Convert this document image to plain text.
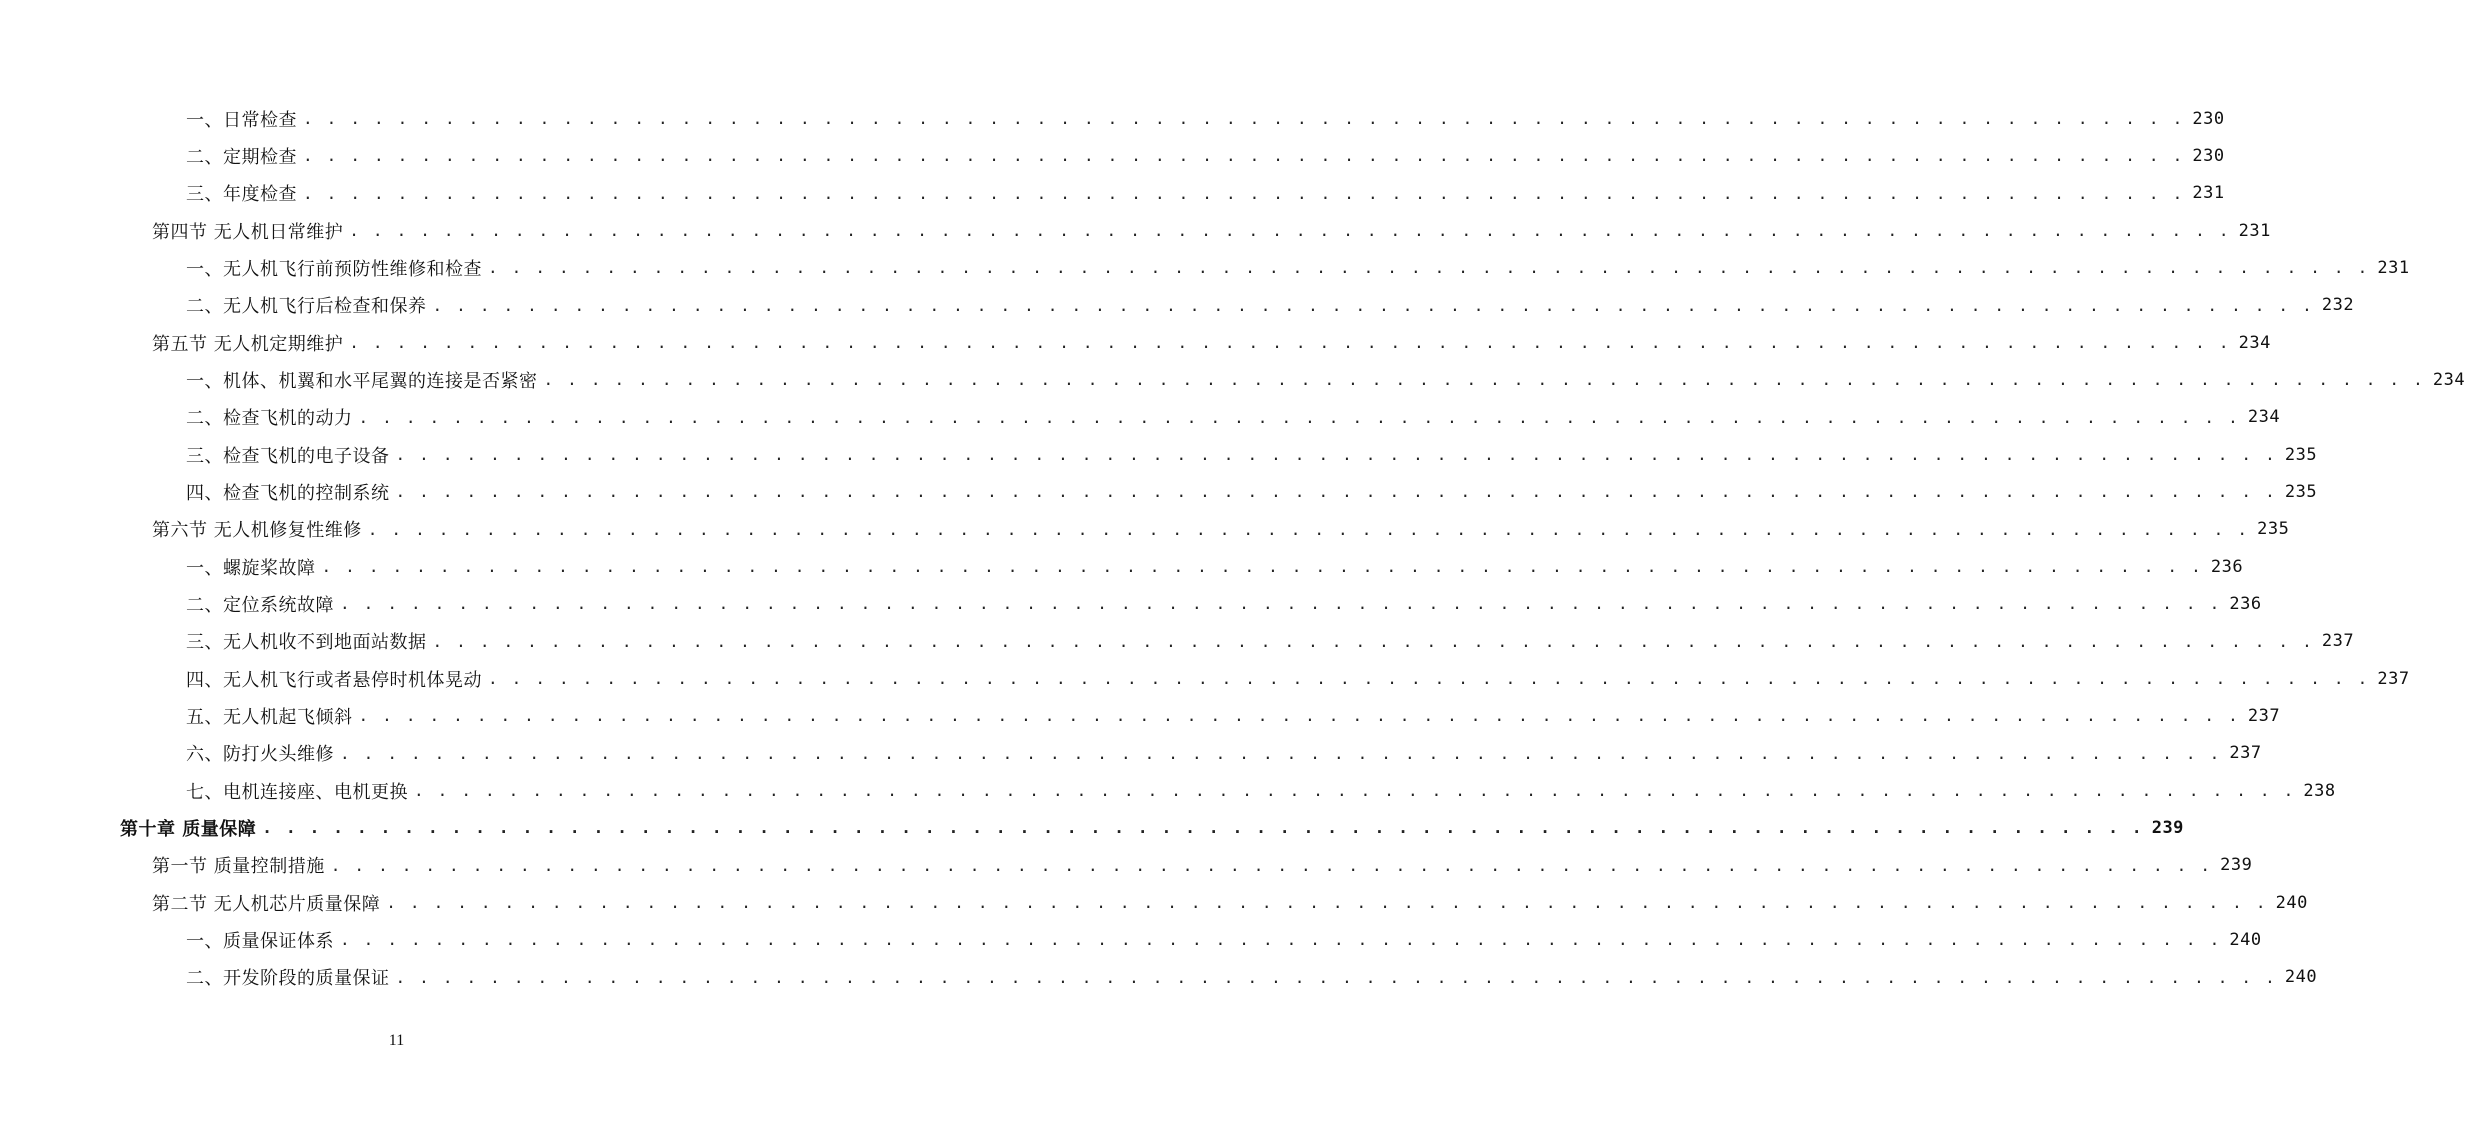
一、日常检查 . . . . . . . . . . . . . . . . . . . . . . . . . . . . . . . . . . . . . . . . . . . . . . . . . . . . . . . . . . . . . . . . . . . . . . . . . . . . . . . . 230
二、定期检查 . . . . . . . . . . . . . . . . . . . . . . . . . . . . . . . . . . . . . . . . . . . . . . . . . . . . . . . . . . . . . . . . . . . . . . . . . . . . . . . . 230
三、年度检查 . . . . . . . . . . . . . . . . . . . . . . . . . . . . . . . . . . . . . . . . . . . . . . . . . . . . . . . . . . . . . . . . . . . . . . . . . . . . . . . . 231
第四节 无人机日常维护 . . . . . . . . . . . . . . . . . . . . . . . . . . . . . . . . . . . . . . . . . . . . . . . . . . . . . . . . . . . . . . . . . . . . . . . . . . . . . . . . 231
一、无人机飞行前预防性维修和检查 . . . . . . . . . . . . . . . . . . . . . . . . . . . . . . . . . . . . . . . . . . . . . . . . . . . . . . . . . . . . . . . . . . . . . . . . . . . . . . . . 231
二、无人机飞行后检查和保养 . . . . . . . . . . . . . . . . . . . . . . . . . . . . . . . . . . . . . . . . . . . . . . . . . . . . . . . . . . . . . . . . . . . . . . . . . . . . . . . . 232
第五节 无人机定期维护 . . . . . . . . . . . . . . . . . . . . . . . . . . . . . . . . . . . . . . . . . . . . . . . . . . . . . . . . . . . . . . . . . . . . . . . . . . . . . . . . 234
一、机体、机翼和水平尾翼的连接是否紧密 . . . . . . . . . . . . . . . . . . . . . . . . . . . . . . . . . . . . . . . . . . . . . . . . . . . . . . . . . . . . . . . . . . . . . . . . . . . . . . . . 234
二、检查飞机的动力 . . . . . . . . . . . . . . . . . . . . . . . . . . . . . . . . . . . . . . . . . . . . . . . . . . . . . . . . . . . . . . . . . . . . . . . . . . . . . . . . 234
三、检查飞机的电子设备 . . . . . . . . . . . . . . . . . . . . . . . . . . . . . . . . . . . . . . . . . . . . . . . . . . . . . . . . . . . . . . . . . . . . . . . . . . . . . . . . 235
四、检查飞机的控制系统 . . . . . . . . . . . . . . . . . . . . . . . . . . . . . . . . . . . . . . . . . . . . . . . . . . . . . . . . . . . . . . . . . . . . . . . . . . . . . . . . 235
第六节 无人机修复性维修 . . . . . . . . . . . . . . . . . . . . . . . . . . . . . . . . . . . . . . . . . . . . . . . . . . . . . . . . . . . . . . . . . . . . . . . . . . . . . . . . 235
一、螺旋桨故障 . . . . . . . . . . . . . . . . . . . . . . . . . . . . . . . . . . . . . . . . . . . . . . . . . . . . . . . . . . . . . . . . . . . . . . . . . . . . . . . . 236
二、定位系统故障 . . . . . . . . . . . . . . . . . . . . . . . . . . . . . . . . . . . . . . . . . . . . . . . . . . . . . . . . . . . . . . . . . . . . . . . . . . . . . . . . 236
三、无人机收不到地面站数据 . . . . . . . . . . . . . . . . . . . . . . . . . . . . . . . . . . . . . . . . . . . . . . . . . . . . . . . . . . . . . . . . . . . . . . . . . . . . . . . . 237
四、无人机飞行或者悬停时机体晃动 . . . . . . . . . . . . . . . . . . . . . . . . . . . . . . . . . . . . . . . . . . . . . . . . . . . . . . . . . . . . . . . . . . . . . . . . . . . . . . . . 237
五、无人机起飞倾斜 . . . . . . . . . . . . . . . . . . . . . . . . . . . . . . . . . . . . . . . . . . . . . . . . . . . . . . . . . . . . . . . . . . . . . . . . . . . . . . . . 237
六、防打火头维修 . . . . . . . . . . . . . . . . . . . . . . . . . . . . . . . . . . . . . . . . . . . . . . . . . . . . . . . . . . . . . . . . . . . . . . . . . . . . . . . . 237
七、电机连接座、电机更换 . . . . . . . . . . . . . . . . . . . . . . . . . . . . . . . . . . . . . . . . . . . . . . . . . . . . . . . . . . . . . . . . . . . . . . . . . . . . . . . . 238
第十章 质量保障 . . . . . . . . . . . . . . . . . . . . . . . . . . . . . . . . . . . . . . . . . . . . . . . . . . . . . . . . . . . . . . . . . . . . . . . . . . . . . . . . 239
第一节 质量控制措施 . . . . . . . . . . . . . . . . . . . . . . . . . . . . . . . . . . . . . . . . . . . . . . . . . . . . . . . . . . . . . . . . . . . . . . . . . . . . . . . . 239
第二节 无人机芯片质量保障 . . . . . . . . . . . . . . . . . . . . . . . . . . . . . . . . . . . . . . . . . . . . . . . . . . . . . . . . . . . . . . . . . . . . . . . . . . . . . . . . 240
一、质量保证体系 . . . . . . . . . . . . . . . . . . . . . . . . . . . . . . . . . . . . . . . . . . . . . . . . . . . . . . . . . . . . . . . . . . . . . . . . . . . . . . . . 240
二、开发阶段的质量保证 . . . . . . . . . . . . . . . . . . . . . . . . . . . . . . . . . . . . . . . . . . . . . . . . . . . . . . . . . . . . . . . . . . . . . . . . . . . . . . . . 240
11
